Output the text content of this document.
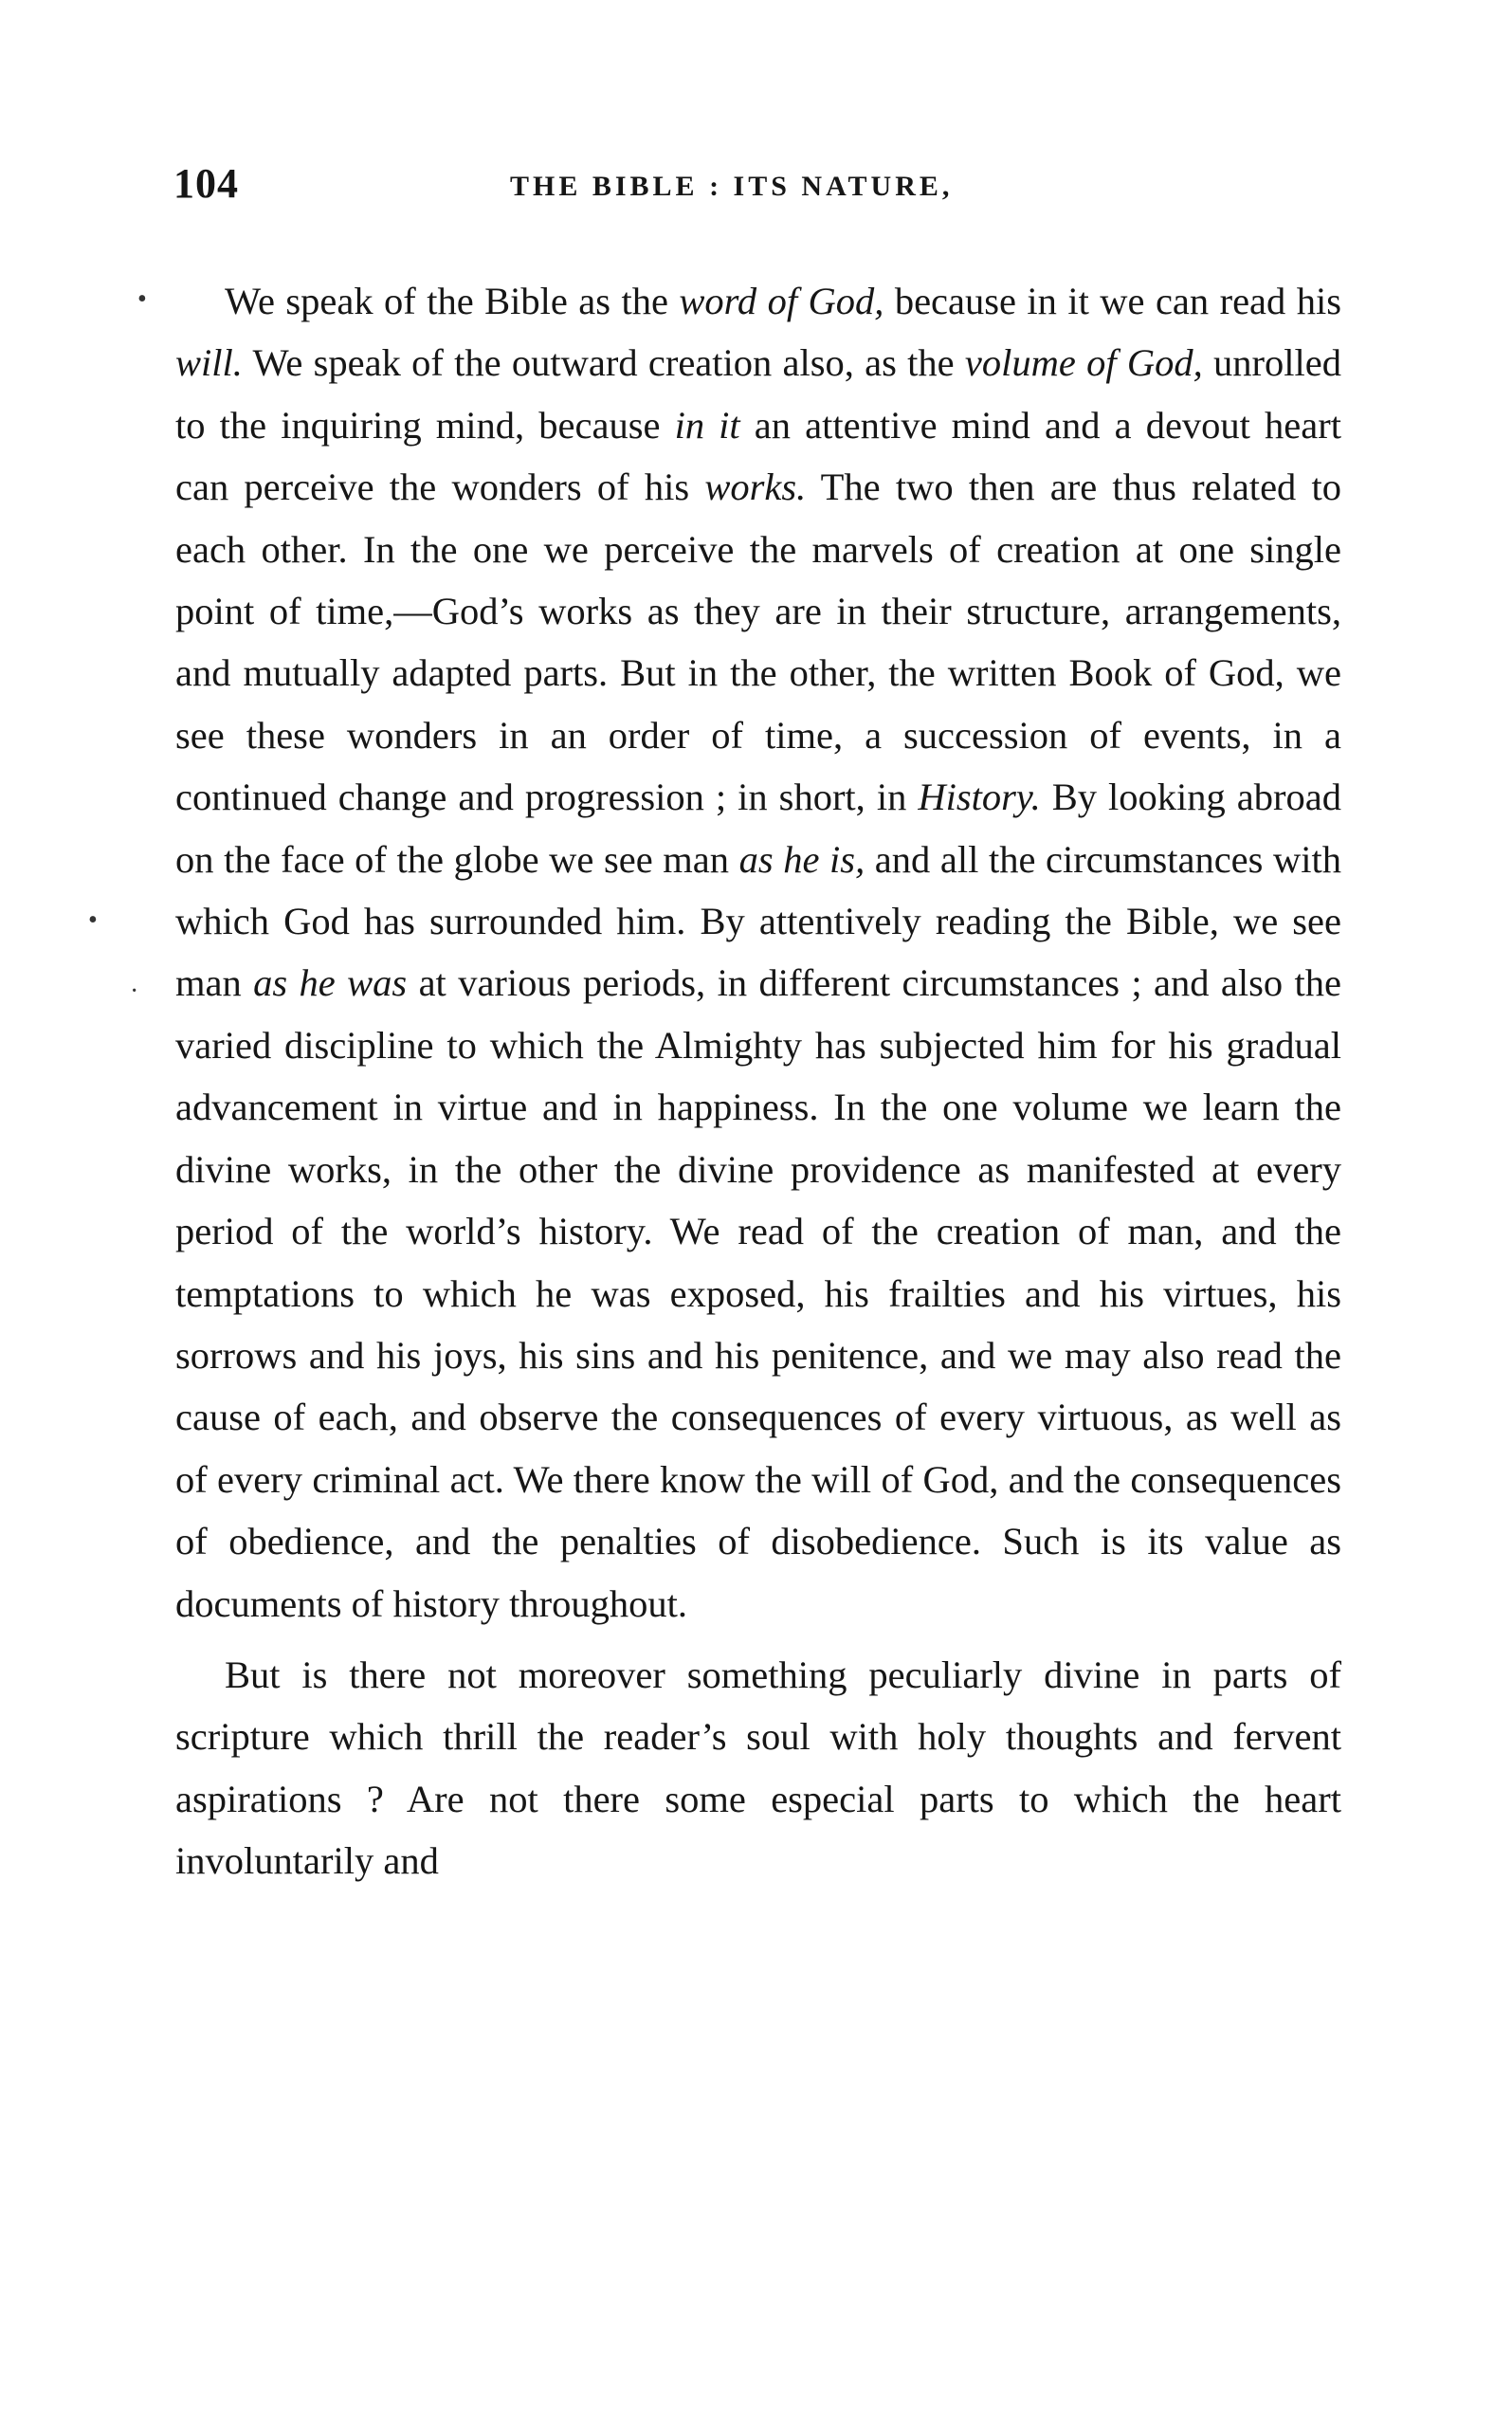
104	THE BIBLE : ITS NATURE,
•
•
·

We speak of the Bible as the word of God, because in it we can read his will. We speak of the outward creation also, as the volume of God, unrolled to the inquiring mind, because in it an attentive mind and a devout heart can perceive the wonders of his works. The two then are thus related to each other. In the one we perceive the marvels of creation at one single point of time,—God’s works as they are in their structure, arrangements, and mutually adapted parts. But in the other, the written Book of God, we see these wonders in an order of time, a succession of events, in a continued change and progression ; in short, in History. By looking abroad on the face of the globe we see man as he is, and all the circumstances with which God has surrounded him. By attentively reading the Bible, we see man as he was at various periods, in different circumstances ; and also the varied discipline to which the Almighty has subjected him for his gradual advancement in virtue and in happiness. In the one volume we learn the divine works, in the other the divine providence as manifested at every period of the world’s history. We read of the creation of man, and the temptations to which he was exposed, his frailties and his virtues, his sorrows and his joys, his sins and his penitence, and we may also read the cause of each, and observe the consequences of every virtuous, as well as of every criminal act. We there know the will of God, and the consequences of obedience, and the penalties of disobedience. Such is its value as documents of history throughout.

But is there not moreover something peculiarly divine in parts of scripture which thrill the reader’s soul with holy thoughts and fervent aspirations ? Are not there some especial parts to which the heart involuntarily and
